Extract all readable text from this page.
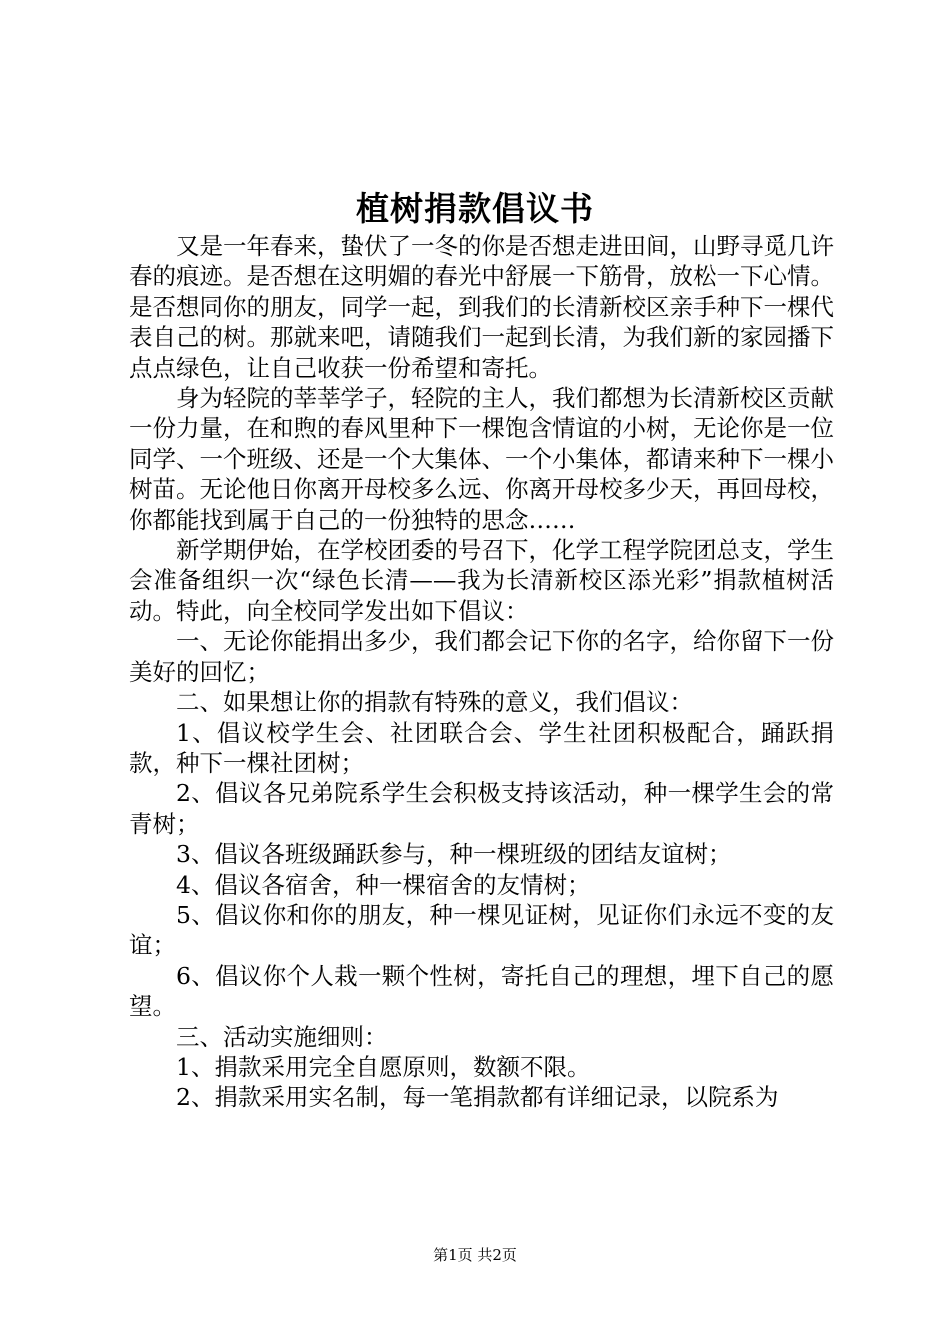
植树捐款倡议书

又是一年春来，蛰伏了一冬的你是否想走进田间，山野寻觅几许春的痕迹。是否想在这明媚的春光中舒展一下筋骨，放松一下心情。是否想同你的朋友，同学一起，到我们的长清新校区亲手种下一棵代表自己的树。那就来吧，请随我们一起到长清，为我们新的家园播下点点绿色，让自己收获一份希望和寄托。

身为轻院的莘莘学子，轻院的主人，我们都想为长清新校区贡献一份力量，在和煦的春风里种下一棵饱含情谊的小树，无论你是一位同学、一个班级、还是一个大集体、一个小集体，都请来种下一棵小树苗。无论他日你离开母校多么远、你离开母校多少天，再回母校，你都能找到属于自己的一份独特的思念……

新学期伊始，在学校团委的号召下，化学工程学院团总支，学生会准备组织一次“绿色长清——我为长清新校区添光彩”捐款植树活动。特此，向全校同学发出如下倡议：

一、无论你能捐出多少，我们都会记下你的名字，给你留下一份美好的回忆；

二、如果想让你的捐款有特殊的意义，我们倡议：

1、倡议校学生会、社团联合会、学生社团积极配合，踊跃捐款，种下一棵社团树；

2、倡议各兄弟院系学生会积极支持该活动，种一棵学生会的常青树；

3、倡议各班级踊跃参与，种一棵班级的团结友谊树；

4、倡议各宿舍，种一棵宿舍的友情树；

5、倡议你和你的朋友，种一棵见证树，见证你们永远不变的友谊；

6、倡议你个人栽一颗个性树，寄托自己的理想，埋下自己的愿望。

三、活动实施细则：

1、捐款采用完全自愿原则，数额不限。

2、捐款采用实名制，每一笔捐款都有详细记录，以院系为

第1页 共2页
